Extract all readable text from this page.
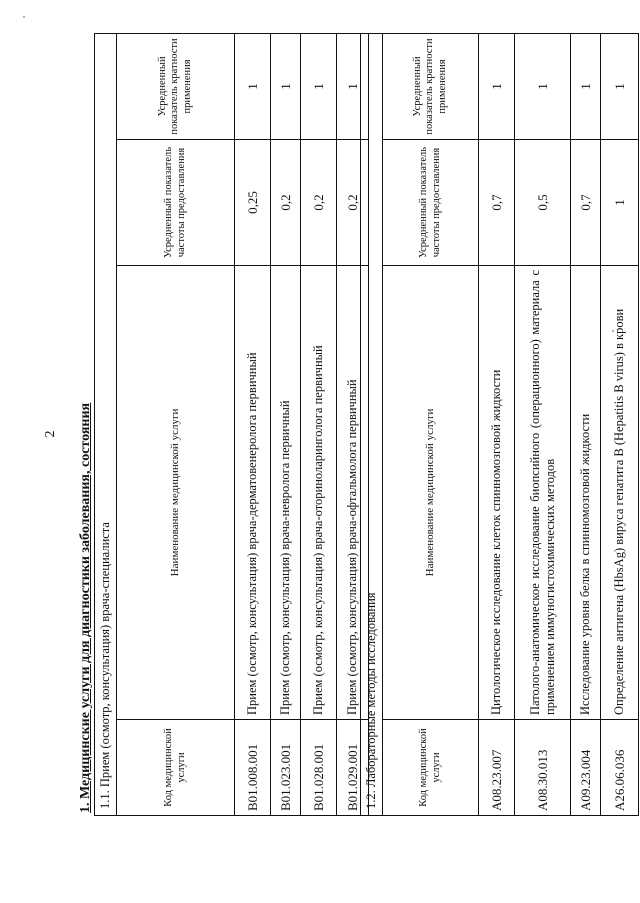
2 1. Медицинские услуги для диагностики заболевания, состояния 1.1. Прием (осмотр, консультация) врача-специалиста			
Код медицинской услуги	Наименование медицинской услуги	Усредненный показатель частоты предоставления	Усредненный показатель кратности применения
B01.008.001	Прием (осмотр, консультация) врача-дерматовенеролога первичный	0,25	1
B01.023.001	Прием (осмотр, консультация) врача-невролога первичный	0,2	1
B01.028.001	Прием (осмотр, консультация) врача-оториноларинголога первичный	0,2	1
B01.029.001	Прием (осмотр, консультация) врача-офтальмолога первичный	0,2	1
1.2. Лабораторные методы исследования			
Код медицинской услуги	Наименование медицинской услуги	Усредненный показатель частоты предоставления	Усредненный показатель кратности применения
A08.23.007	Цитологическое исследование клеток спинномозговой жидкости	0,7	1
A08.30.013	Патолого-анатомическое исследование биопсийного (операционного) материала с применением иммуногистохимических методов	0,5	1
A09.23.004	Исследование уровня белка в спинномозговой жидкости	0,7	1
A26.06.036	Определение антигена (HbsAg) вируса гепатита B (Hepatitis B virus) в крови	1	1
